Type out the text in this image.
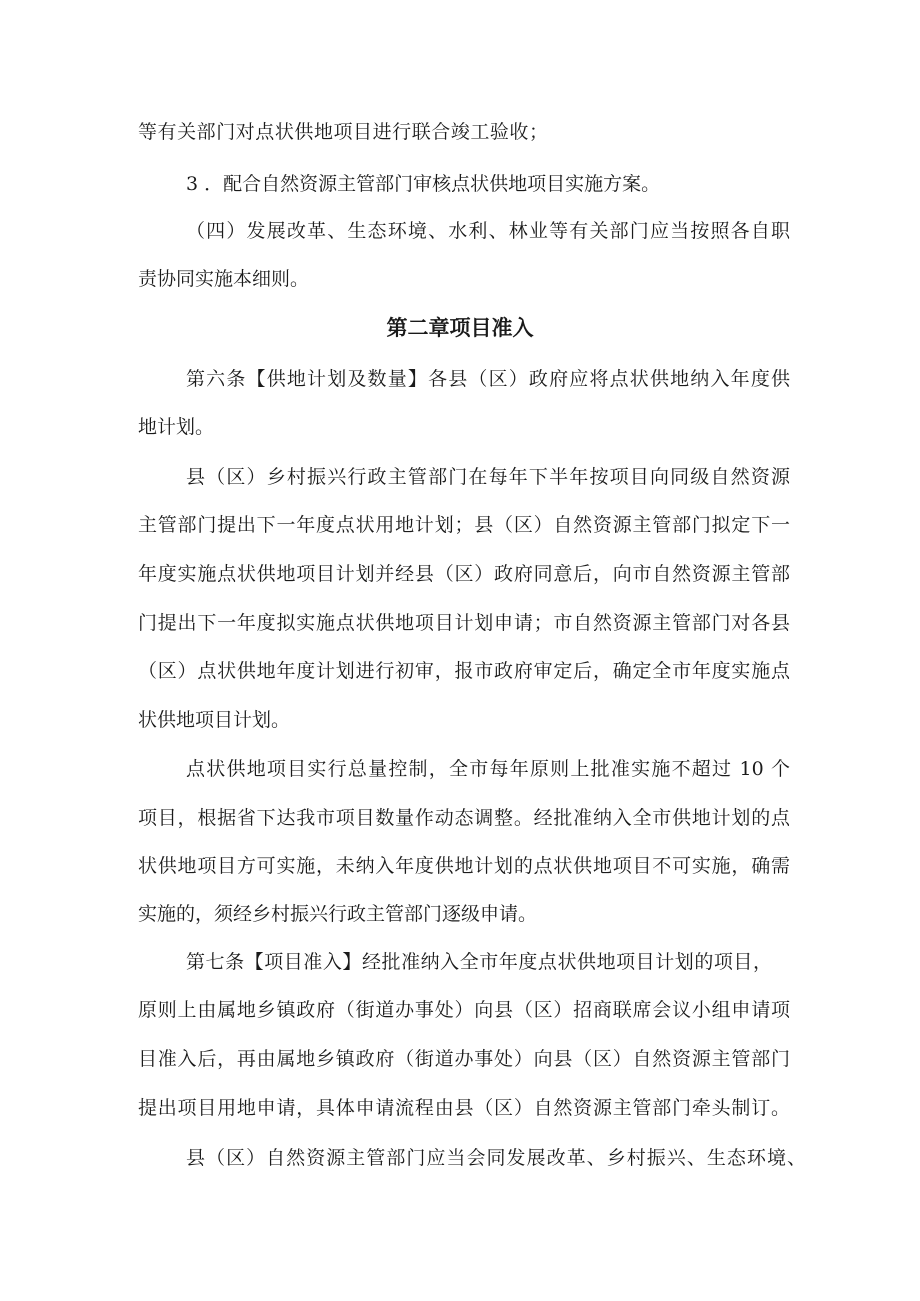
等有关部门对点状供地项目进行联合竣工验收；
3 ．配合自然资源主管部门审核点状供地项目实施方案。
（四）发展改革、生态环境、水利、林业等有关部门应当按照各自职
责协同实施本细则。
第二章项目准入
第六条【供地计划及数量】各县（区）政府应将点状供地纳入年度供
地计划。
县（区）乡村振兴行政主管部门在每年下半年按项目向同级自然资源
主管部门提出下一年度点状用地计划；县（区）自然资源主管部门拟定下一
年度实施点状供地项目计划并经县（区）政府同意后，向市自然资源主管部
门提出下一年度拟实施点状供地项目计划申请；市自然资源主管部门对各县
（区）点状供地年度计划进行初审，报市政府审定后，确定全市年度实施点
状供地项目计划。
点状供地项目实行总量控制，全市每年原则上批准实施不超过 10 个
项目，根据省下达我市项目数量作动态调整。经批准纳入全市供地计划的点
状供地项目方可实施，未纳入年度供地计划的点状供地项目不可实施，确需
实施的，须经乡村振兴行政主管部门逐级申请。
第七条【项目准入】经批准纳入全市年度点状供地项目计划的项目，
原则上由属地乡镇政府（街道办事处）向县（区）招商联席会议小组申请项
目准入后，再由属地乡镇政府（街道办事处）向县（区）自然资源主管部门
提出项目用地申请，具体申请流程由县（区）自然资源主管部门牵头制订。
县（区）自然资源主管部门应当会同发展改革、乡村振兴、生态环境、
